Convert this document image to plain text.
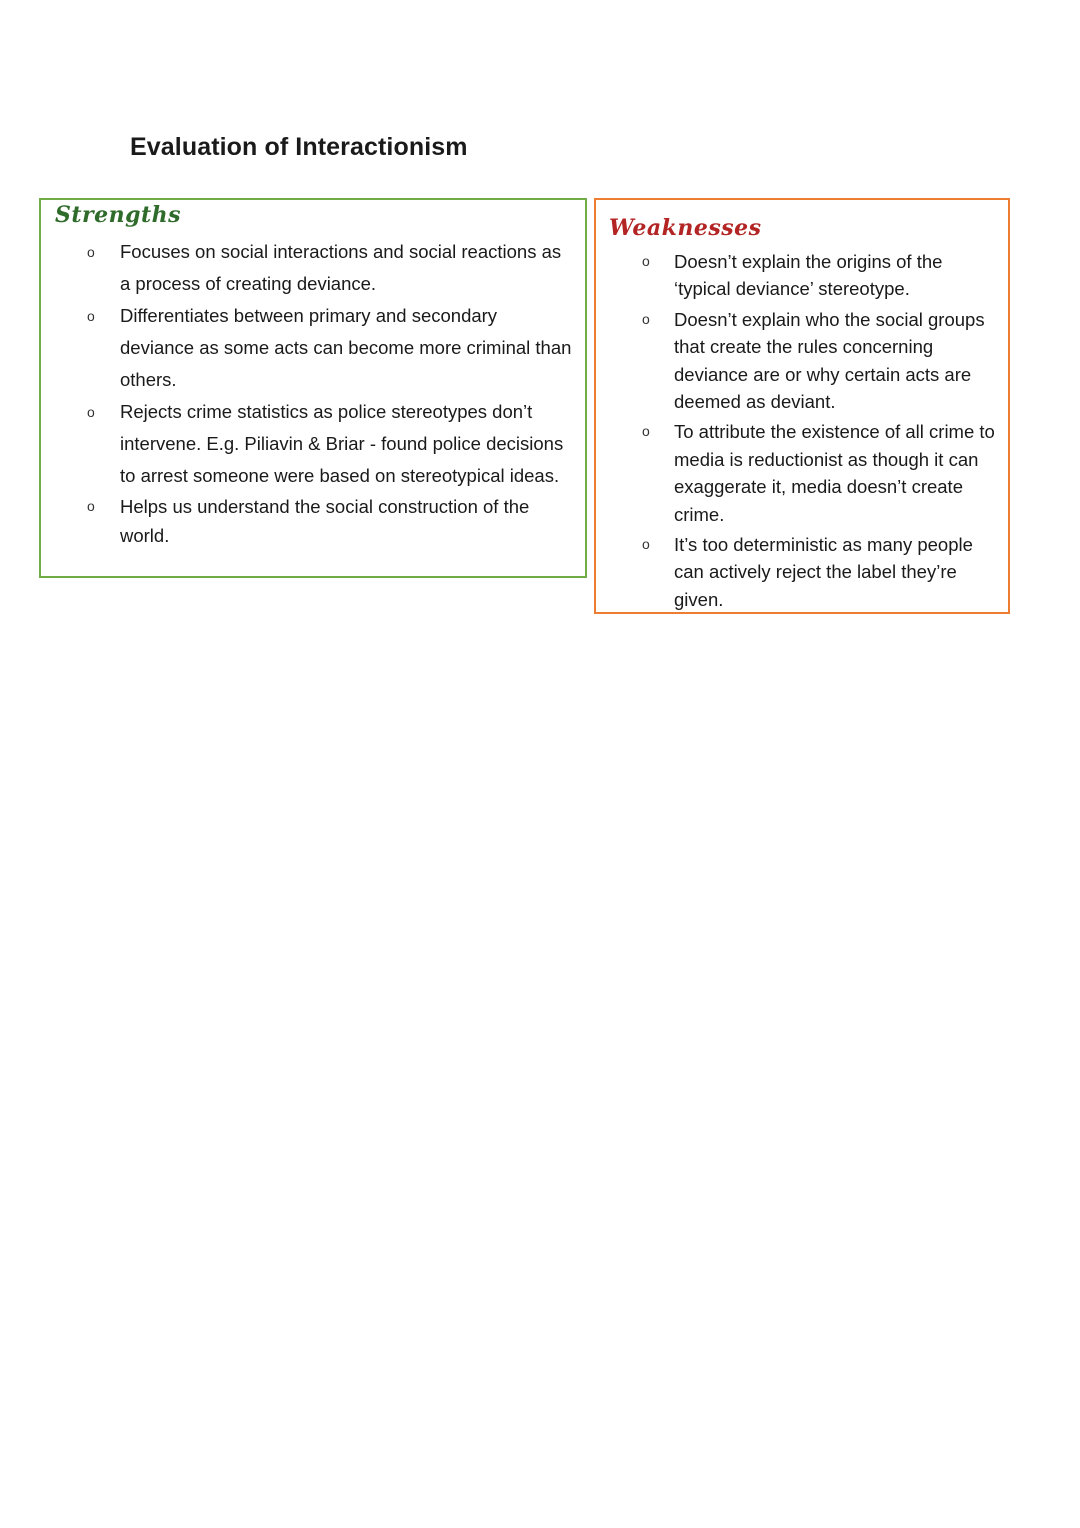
Evaluation of Interactionism
Strengths
o Focuses on social interactions and social reactions as a process of creating deviance.
o Differentiates between primary and secondary deviance as some acts can become more criminal than others.
o Rejects crime statistics as police stereotypes don’t intervene. E.g. Piliavin & Briar - found police decisions to arrest someone were based on stereotypical ideas.
o Helps us understand the social construction of the world.
Weaknesses
o Doesn’t explain the origins of the ‘typical deviance’ stereotype.
o Doesn’t explain who the social groups that create the rules concerning deviance are or why certain acts are deemed as deviant.
o To attribute the existence of all crime to media is reductionist as though it can exaggerate it, media doesn’t create crime.
o It’s too deterministic as many people can actively reject the label they’re given.
